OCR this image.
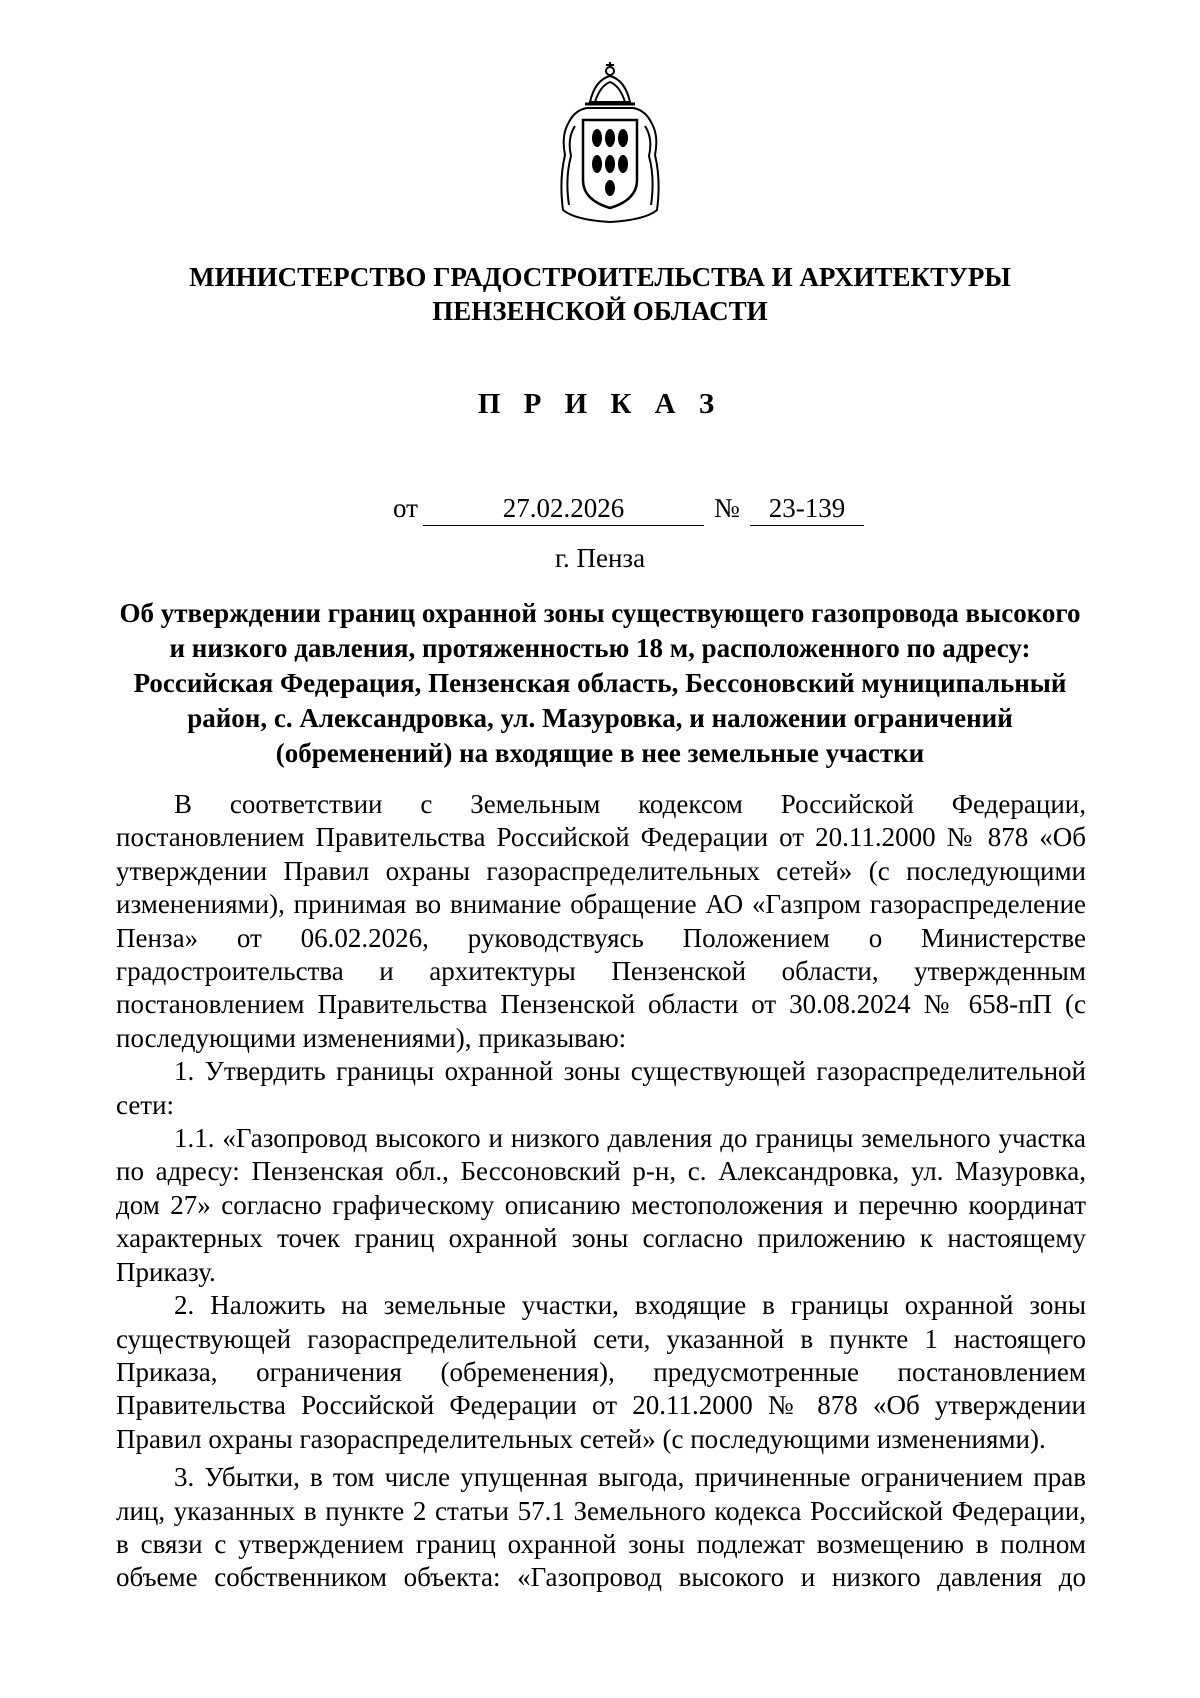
МИНИСТЕРСТВО ГРАДОСТРОИТЕЛЬСТВА И АРХИТЕКТУРЫ
ПЕНЗЕНСКОЙ ОБЛАСТИ
П Р И К А З
от	27.02.2026	№	23-139
г. Пенза
Об утверждении границ охранной зоны существующего газопровода высокого
и низкого давления, протяженностью 18 м, расположенного по адресу:
Российская Федерация, Пензенская область, Бессоновский муниципальный
район, с. Александровка, ул. Мазуровка, и наложении ограничений
(обременений) на входящие в нее земельные участки

В соответствии с Земельным кодексом Российской Федерации, постановлением Правительства Российской Федерации от 20.11.2000 № 878 «Об утверждении Правил охраны газораспределительных сетей» (с последующими изменениями), принимая во внимание обращение АО «Газпром газораспределение Пенза» от 06.02.2026, руководствуясь Положением о Министерстве градостроительства и архитектуры Пензенской области, утвержденным постановлением Правительства Пензенской области от 30.08.2024 № 658-пП (с последующими изменениями), приказываю:

1. Утвердить границы охранной зоны существующей газораспределительной сети:

1.1. «Газопровод высокого и низкого давления до границы земельного участка по адресу: Пензенская обл., Бессоновский р-н, с. Александровка, ул. Мазуровка, дом 27» согласно графическому описанию местоположения и перечню координат характерных точек границ охранной зоны согласно приложению к настоящему Приказу.

2. Наложить на земельные участки, входящие в границы охранной зоны существующей газораспределительной сети, указанной в пункте 1 настоящего Приказа, ограничения (обременения), предусмотренные постановлением Правительства Российской Федерации от 20.11.2000 № 878 «Об утверждении Правил охраны газораспределительных сетей» (с последующими изменениями).

3. Убытки, в том числе упущенная выгода, причиненные ограничением прав лиц, указанных в пункте 2 статьи 57.1 Земельного кодекса Российской Федерации, в связи с утверждением границ охранной зоны подлежат возмещению в полном объеме собственником объекта: «Газопровод высокого и низкого давления до
